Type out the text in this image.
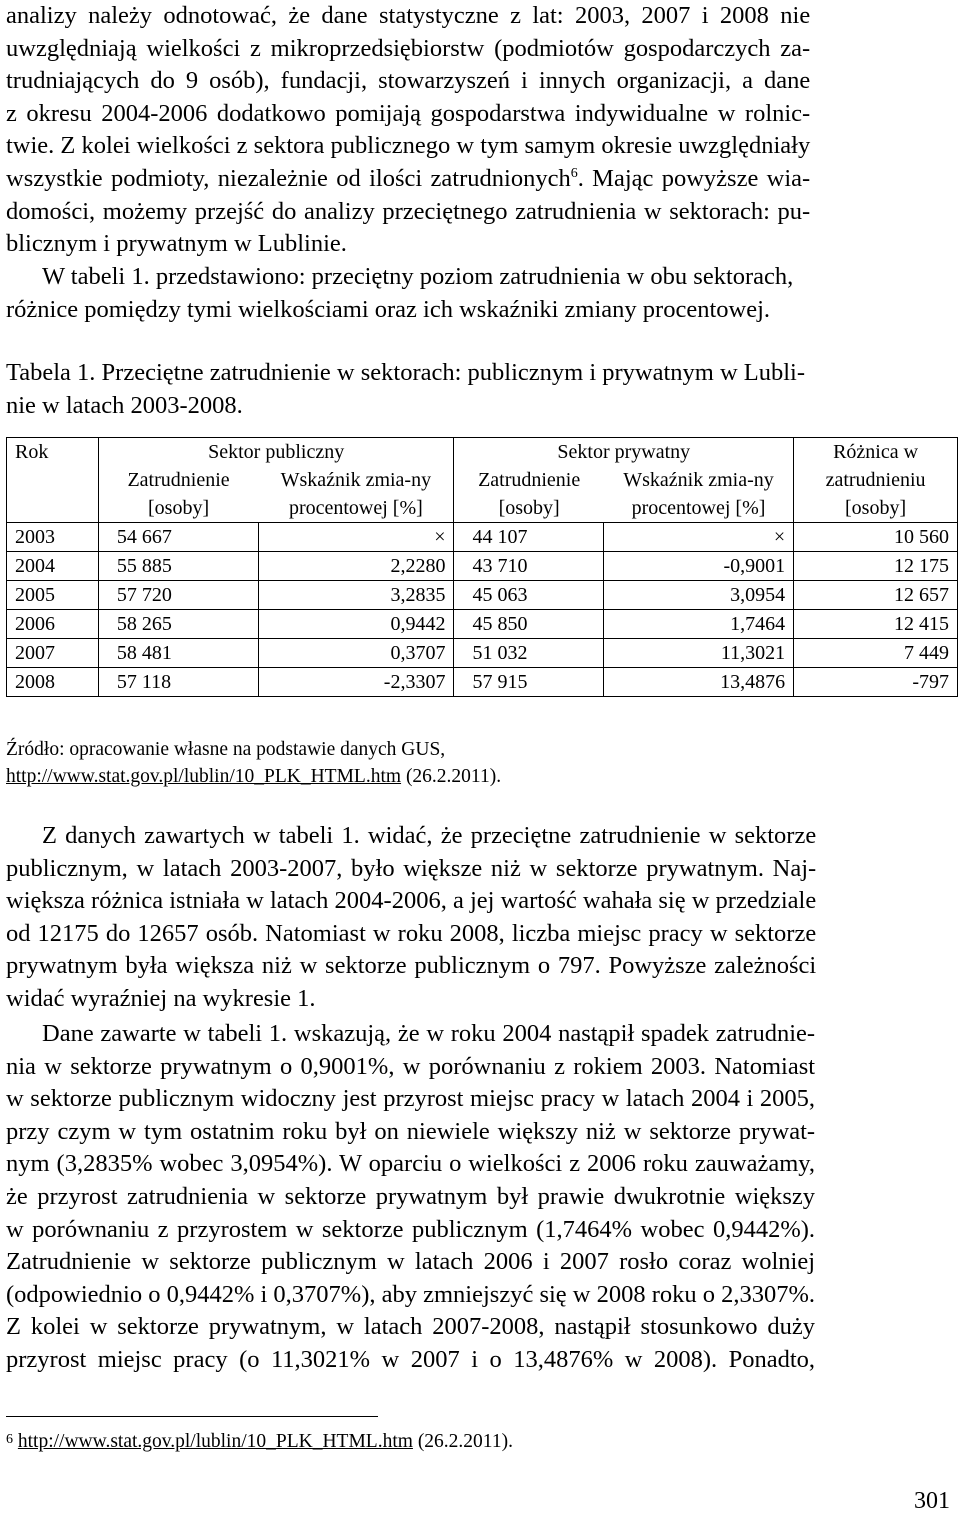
analizy należy odnotować, że dane statystyczne z lat: 2003, 2007 i 2008 nie
uwzględniają wielkości z mikroprzedsiębiorstw (podmiotów gospodarczych za-
trudniających do 9 osób), fundacji, stowarzyszeń i innych organizacji, a dane
z okresu 2004-2006 dodatkowo pomijają gospodarstwa indywidualne w rolnic-
twie. Z kolei wielkości z sektora publicznego w tym samym okresie uwzględniały
wszystkie podmioty, niezależnie od ilości zatrudnionych$^6$. Mając powyższe wia-
domości, możemy przejść do analizy przeciętnego zatrudnienia w sektorach: pu-
blicznym i prywatnym w Lublinie.
W tabeli 1. przedstawiono: przeciętny poziom zatrudnienia w obu sektorach,
różnice pomiędzy tymi wielkościami oraz ich wskaźniki zmiany procentowej.
Tabela 1. Przeciętne zatrudnienie w sektorach: publicznym i prywatnym w Lubli-
nie w latach 2003-2008.
Rok	Sektor publiczny		Sektor prywatny		Różnica w zatrudnieniu [osoby]
	Zatrudnienie [osoby]	Wskaźnik zmia-ny procentowej [%]	Zatrudnienie [osoby]	Wskaźnik zmia-ny procentowej [%]	
2003	54 667	×	44 107	×	10 560
2004	55 885	2,2280	43 710	-0,9001	12 175
2005	57 720	3,2835	45 063	3,0954	12 657
2006	58 265	0,9442	45 850	1,7464	12 415
2007	58 481	0,3707	51 032	11,3021	7 449
2008	57 118	-2,3307	57 915	13,4876	-797
Źródło: opracowanie własne na podstawie danych GUS,
http://www.stat.gov.pl/lublin/10_PLK_HTML.htm (26.2.2011).
Z danych zawartych w tabeli 1. widać, że przeciętne zatrudnienie w sektorze
publicznym, w latach 2003-2007, było większe niż w sektorze prywatnym. Naj-
większa różnica istniała w latach 2004-2006, a jej wartość wahała się w przedziale
od 12175 do 12657 osób. Natomiast w roku 2008, liczba miejsc pracy w sektorze
prywatnym była większa niż w sektorze publicznym o 797. Powyższe zależności
widać wyraźniej na wykresie 1.
Dane zawarte w tabeli 1. wskazują, że w roku 2004 nastąpił spadek zatrudnie-
nia w sektorze prywatnym o 0,9001%, w porównaniu z rokiem 2003. Natomiast
w sektorze publicznym widoczny jest przyrost miejsc pracy w latach 2004 i 2005,
przy czym w tym ostatnim roku był on niewiele większy niż w sektorze prywat-
nym (3,2835% wobec 3,0954%). W oparciu o wielkości z 2006 roku zauważamy,
że przyrost zatrudnienia w sektorze prywatnym był prawie dwukrotnie większy
w porównaniu z przyrostem w sektorze publicznym (1,7464% wobec 0,9442%).
Zatrudnienie w sektorze publicznym w latach 2006 i 2007 rosło coraz wolniej
(odpowiednio o 0,9442% i 0,3707%), aby zmniejszyć się w 2008 roku o 2,3307%.
Z kolei w sektorze prywatnym, w latach 2007-2008, nastąpił stosunkowo duży
przyrost miejsc pracy (o 11,3021% w 2007 i o 13,4876% w 2008). Ponadto,
$^6$ http://www.stat.gov.pl/lublin/10_PLK_HTML.htm (26.2.2011).
301
